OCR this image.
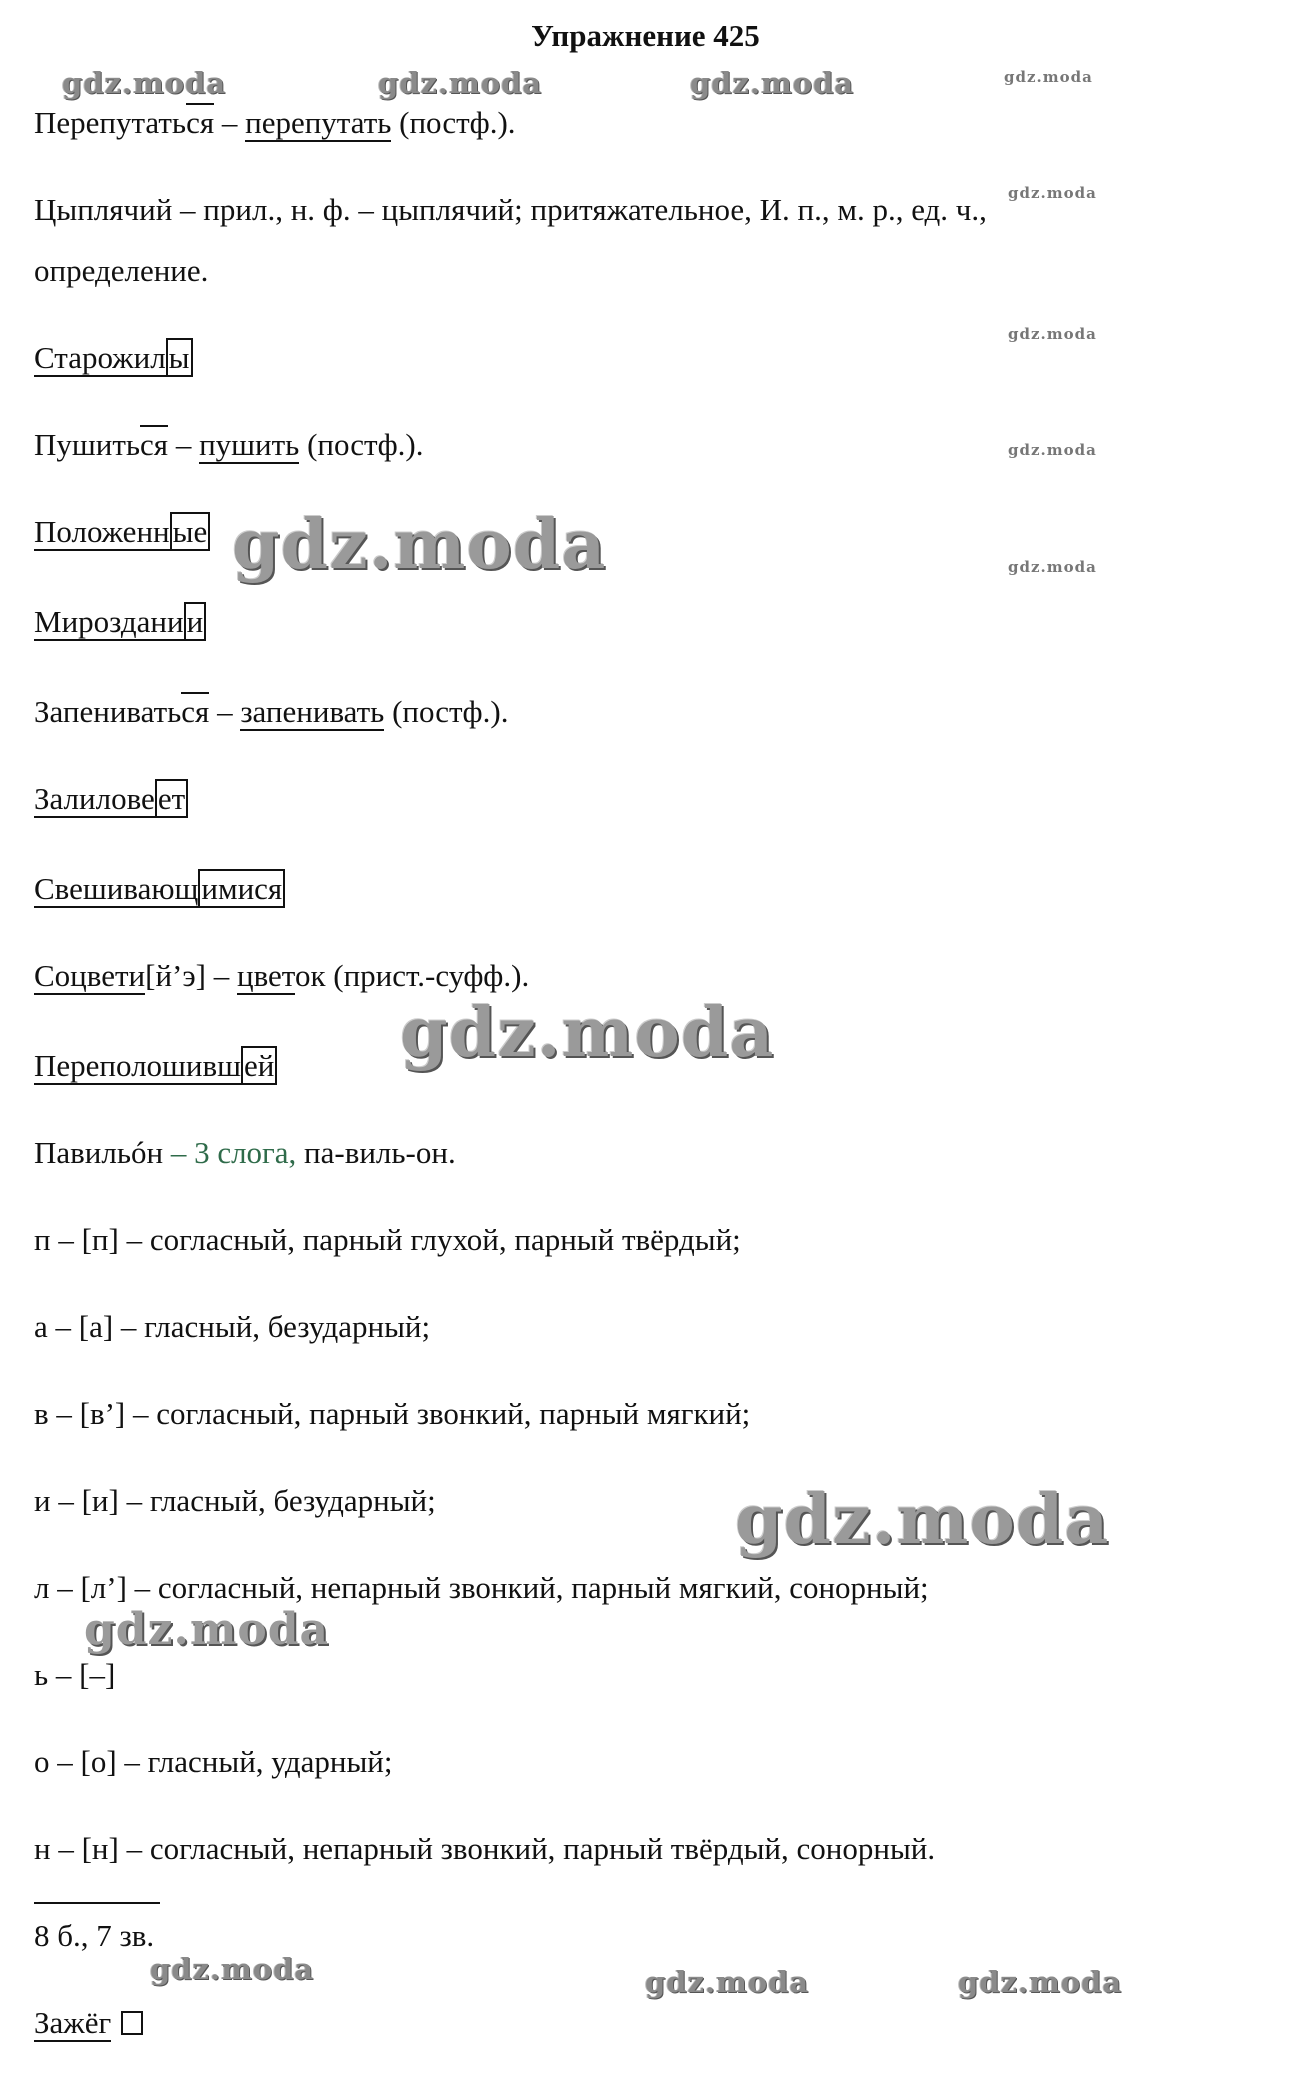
Упражнение 425
Перепутаться – перепутать (постф.).
Цыплячий – прил., н. ф. – цыплячий; притяжательное, И. п., м. р., ед. ч.,
определение.
Старожилы
Пушиться – пушить (постф.).
Положенные
Мироздании
Запениваться – запенивать (постф.).
Залиловеет
Свешивающимися
Соцвети[й’э] – цветок (прист.-суфф.).
Переполошившей
Павильóн – 3 слога, па-виль-он.
п – [п] – согласный, парный глухой, парный твёрдый;
а – [а] – гласный, безударный;
в – [в’] – согласный, парный звонкий, парный мягкий;
и – [и] – гласный, безударный;
л – [л’] – согласный, непарный звонкий, парный мягкий, сонорный;
ь – [–]
о – [о] – гласный, ударный;
н – [н] – согласный, непарный звонкий, парный твёрдый, сонорный.
8 б., 7 зв.
Зажёг
gdz.moda	gdz.moda	gdz.moda	gdz.moda
gdz.moda
gdz.moda
gdz.moda
gdz.moda
gdz.moda
gdz.moda
gdz.moda
gdz.moda
gdz.moda	gdz.moda	gdz.moda
